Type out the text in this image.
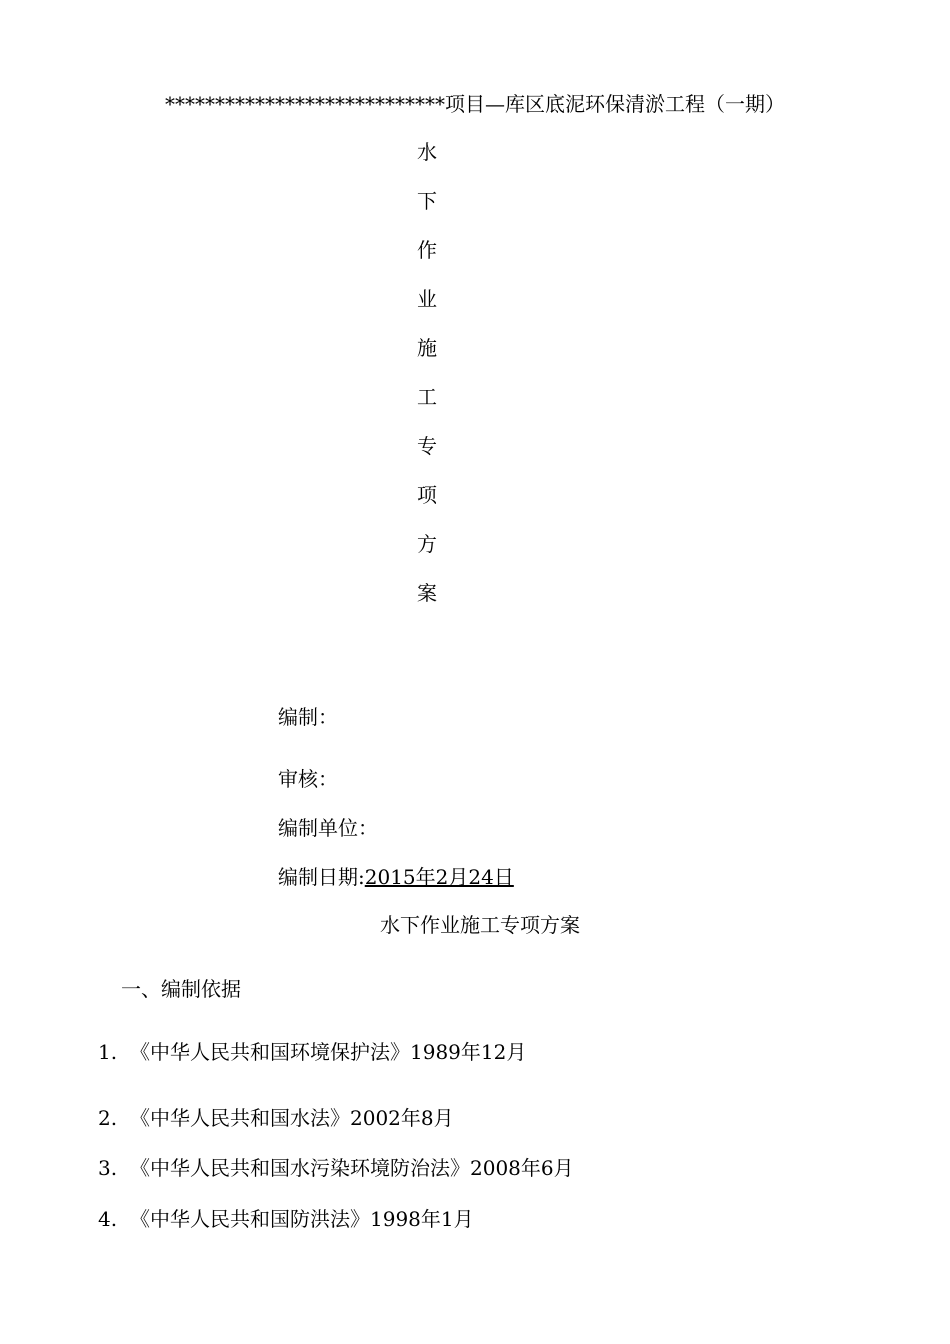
****************************项目—库区底泥环保清淤工程（一期）
水
下
作
业
施
工
专
项
方
案
编制：
审核：
编制单位：
编制日期:2015年2月24日
水下作业施工专项方案
一、编制依据
1. 《中华人民共和国环境保护法》1989年12月
2. 《中华人民共和国水法》2002年8月
3. 《中华人民共和国水污染环境防治法》2008年6月
4. 《中华人民共和国防洪法》1998年1月
